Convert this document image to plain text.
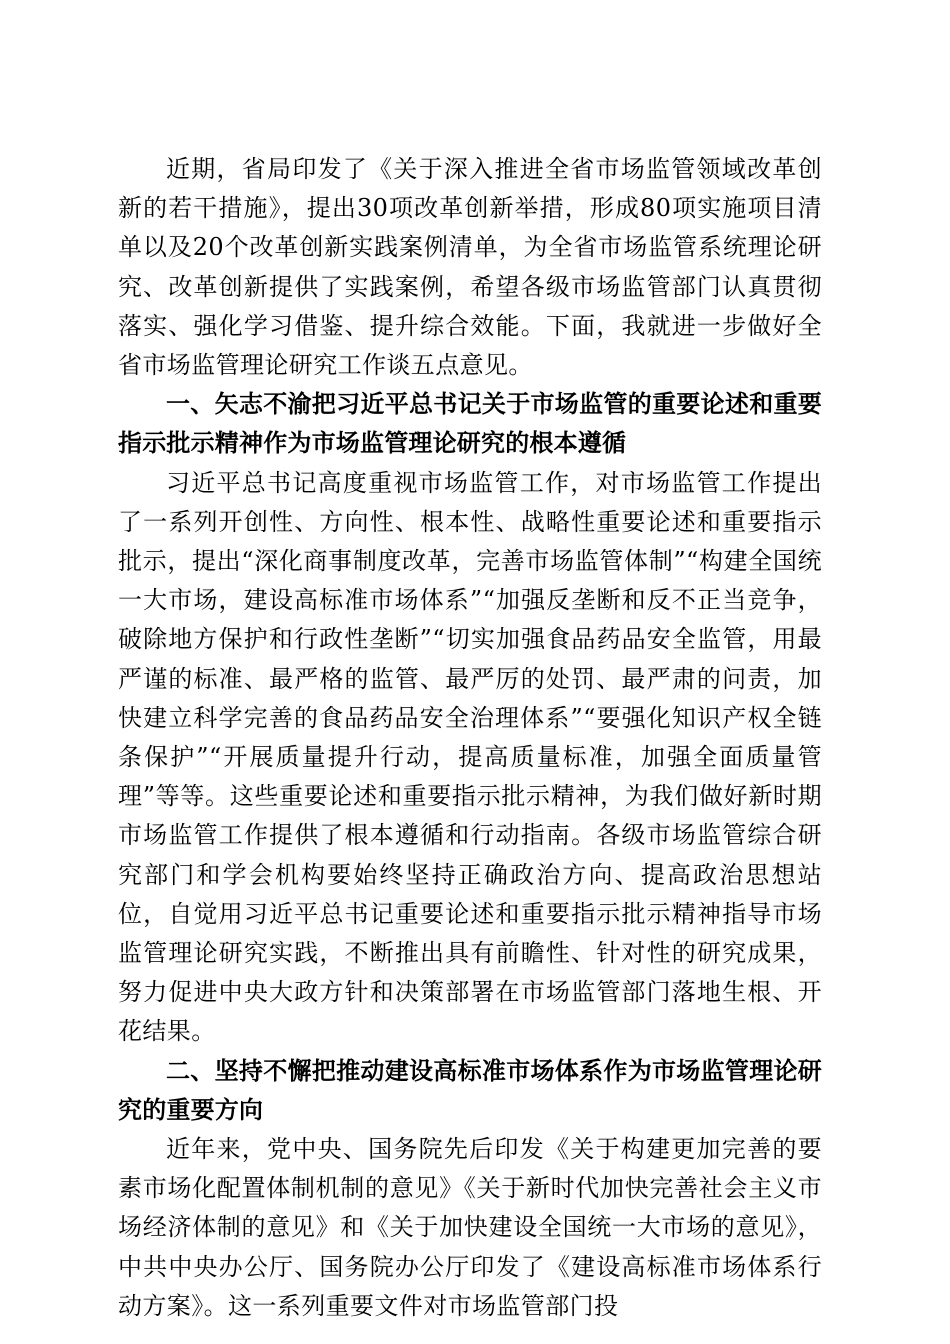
近期，省局印发了《关于深入推进全省市场监管领域改革创新的若干措施》，提出30项改革创新举措，形成80项实施项目清单以及20个改革创新实践案例清单，为全省市场监管系统理论研究、改革创新提供了实践案例，希望各级市场监管部门认真贯彻落实、强化学习借鉴、提升综合效能。下面，我就进一步做好全省市场监管理论研究工作谈五点意见。

一、矢志不渝把习近平总书记关于市场监管的重要论述和重要指示批示精神作为市场监管理论研究的根本遵循

习近平总书记高度重视市场监管工作，对市场监管工作提出了一系列开创性、方向性、根本性、战略性重要论述和重要指示批示，提出“深化商事制度改革，完善市场监管体制”“构建全国统一大市场，建设高标准市场体系”“加强反垄断和反不正当竞争，破除地方保护和行政性垄断”“切实加强食品药品安全监管，用最严谨的标准、最严格的监管、最严厉的处罚、最严肃的问责，加快建立科学完善的食品药品安全治理体系”“要强化知识产权全链条保护”“开展质量提升行动，提高质量标准，加强全面质量管理”等等。这些重要论述和重要指示批示精神，为我们做好新时期市场监管工作提供了根本遵循和行动指南。各级市场监管综合研究部门和学会机构要始终坚持正确政治方向、提高政治思想站位，自觉用习近平总书记重要论述和重要指示批示精神指导市场监管理论研究实践，不断推出具有前瞻性、针对性的研究成果，努力促进中央大政方针和决策部署在市场监管部门落地生根、开花结果。

二、坚持不懈把推动建设高标准市场体系作为市场监管理论研究的重要方向

近年来，党中央、国务院先后印发《关于构建更加完善的要素市场化配置体制机制的意见》《关于新时代加快完善社会主义市场经济体制的意见》和《关于加快建设全国统一大市场的意见》，中共中央办公厅、国务院办公厅印发了《建设高标准市场体系行动方案》。这一系列重要文件对市场监管部门投
